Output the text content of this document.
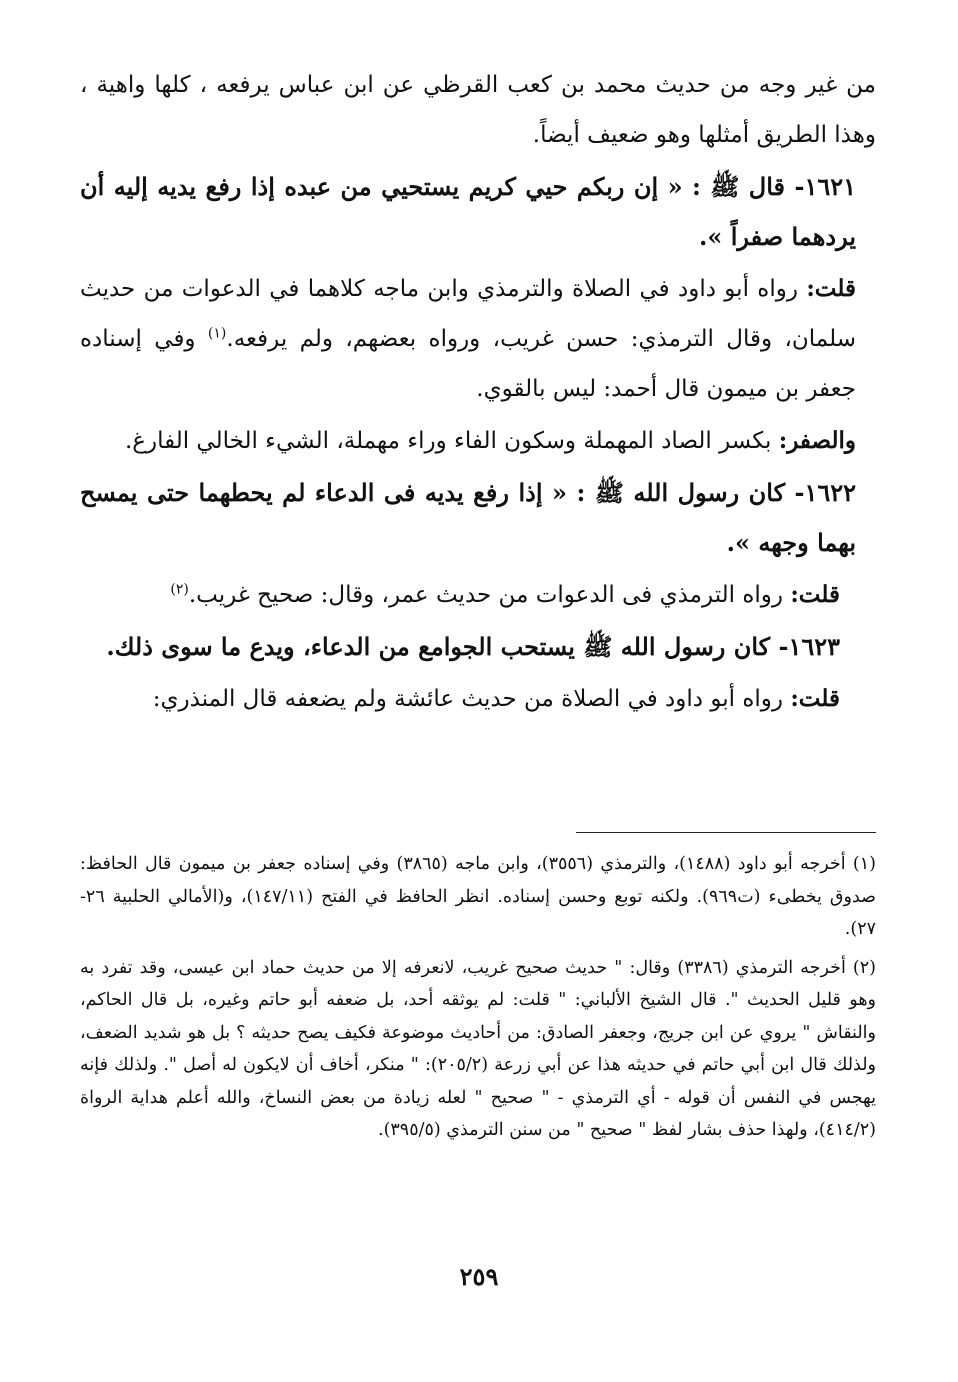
من غير وجه من حديث محمد بن كعب القرظي عن ابن عباس يرفعه ، كلها واهية ، وهذا الطريق أمثلها وهو ضعيف أيضاً.

١٦٢١- قال ﷺ : « إن ربكم حيي كريم يستحيي من عبده إذا رفع يديه إليه أن يردهما صفراً ».

قلت: رواه أبو داود في الصلاة والترمذي وابن ماجه كلاهما في الدعوات من حديث سلمان، وقال الترمذي: حسن غريب، ورواه بعضهم، ولم يرفعه.$^{(١)}$ وفي إسناده جعفر بن ميمون قال أحمد: ليس بالقوي.

والصفر: بكسر الصاد المهملة وسكون الفاء وراء مهملة، الشيء الخالي الفارغ.

١٦٢٢- كان رسول الله ﷺ : « إذا رفع يديه فى الدعاء لم يحطهما حتى يمسح بهما وجهه ».

قلت: رواه الترمذي فى الدعوات من حديث عمر، وقال: صحيح غريب.$^{(٢)}$

١٦٢٣- كان رسول الله ﷺ يستحب الجوامع من الدعاء، ويدع ما سوى ذلك.

قلت: رواه أبو داود في الصلاة من حديث عائشة ولم يضعفه قال المنذري:

(١) أخرجه أبو داود (١٤٨٨)، والترمذي (٣٥٥٦)، وابن ماجه (٣٨٦٥) وفي إسناده جعفر بن ميمون قال الحافظ: صدوق يخطىء (ت٩٦٩). ولكنه توبع وحسن إسناده. انظر الحافظ في الفتح (١٤٧/١١)، و(الأمالي الحلبية ٢٦- ٢٧).

(٢) أخرجه الترمذي (٣٣٨٦) وقال: " حديث صحيح غريب، لانعرفه إلا من حديث حماد ابن عيسى، وقد تفرد به وهو قليل الحديث ". قال الشيخ الألباني: " قلت: لم يوثقه أحد، بل ضعفه أبو حاتم وغيره، بل قال الحاكم، والنقاش " يروي عن ابن جريج، وجعفر الصادق: من أحاديث موضوعة فكيف يصح حديثه ؟ بل هو شديد الضعف، ولذلك قال ابن أبي حاتم في حديثه هذا عن أبي زرعة (٢٠٥/٢): " منكر، أخاف أن لايكون له أصل ". ولذلك فإنه يهجس في النفس أن قوله - أي الترمذي - " صحيح " لعله زيادة من بعض النساخ، والله أعلم هداية الرواة (٤١٤/٢)، ولهذا حذف بشار لفظ " صحيح " من سنن الترمذي (٣٩٥/٥).

٢٥٩
